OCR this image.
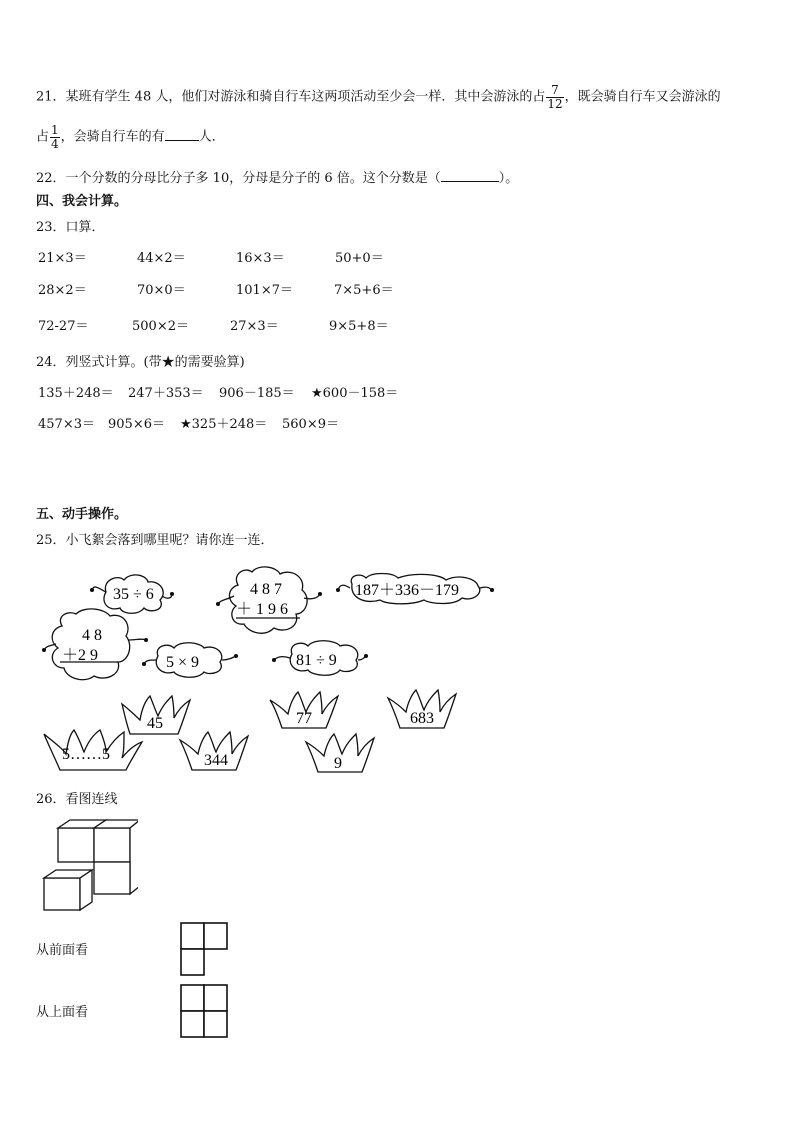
21．某班有学生 48 人，他们对游泳和骑自行车这两项活动至少会一样．其中会游泳的占 $\frac{7}{12}$ ，既会骑自行车又会游泳的
占 $\frac{1}{4}$ ，会骑自行车的有	人．
22．一个分数的分母比分子多 10，分母是分子的 6 倍。这个分数是（	）。
四、我会计算。
23．口算．
21×3＝	44×2＝	16×3＝	50+0＝
28×2＝	70×0＝	101×7＝	7×5+6＝
72-27＝	500×2＝	27×3＝	9×5+8＝
24．列竖式计算。(带★的需要验算)
135＋248＝ 247＋353＝ 906－185＝ ★600－158＝
457×3＝ 905×6＝ ★325＋248＝ 560×9＝
五、动手操作。
25．小飞絮会落到哪里呢？请你连一连．
35 ÷ 6	4 8 7
＋ 1 9 6
187＋336－179
4 8
＋2 9	5 × 9	81 ÷ 9
5……5
45
344
77
9
683
26．看图连线
从前面看
从上面看
